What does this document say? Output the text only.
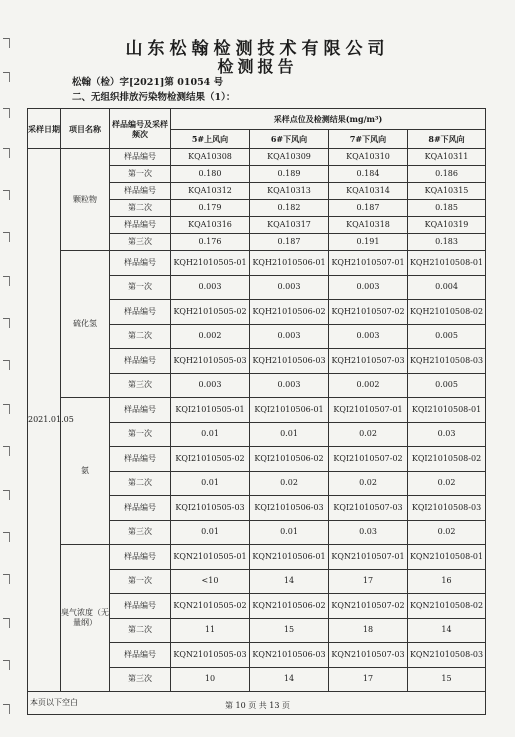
山东松翰检测技术有限公司
检测报告
松翰（检）字[2021]第 01054 号
二、无组织排放污染物检测结果（1）：
采样日期	项目名称	样品编号及采样频次	采样点位及检测结果(mg/m³)			
			5#上风向	6#下风向	7#下风向	8#下风向
2021.01.05	颗粒物	样品编号	KQA10308	KQA10309	KQA10310	KQA10311
		第一次	0.180	0.189	0.184	0.186
		样品编号	KQA10312	KQA10313	KQA10314	KQA10315
		第二次	0.179	0.182	0.187	0.185
		样品编号	KQA10316	KQA10317	KQA10318	KQA10319
		第三次	0.176	0.187	0.191	0.183
	硫化氢	样品编号	KQH21010505-01	KQH21010506-01	KQH21010507-01	KQH21010508-01
		第一次	0.003	0.003	0.003	0.004
		样品编号	KQH21010505-02	KQH21010506-02	KQH21010507-02	KQH21010508-02
		第二次	0.002	0.003	0.003	0.005
		样品编号	KQH21010505-03	KQH21010506-03	KQH21010507-03	KQH21010508-03
		第三次	0.003	0.003	0.002	0.005
	氨	样品编号	KQI21010505-01	KQI21010506-01	KQI21010507-01	KQI21010508-01
		第一次	0.01	0.01	0.02	0.03
		样品编号	KQI21010505-02	KQI21010506-02	KQI21010507-02	KQI21010508-02
		第二次	0.01	0.02	0.02	0.02
		样品编号	KQI21010505-03	KQI21010506-03	KQI21010507-03	KQI21010508-03
		第三次	0.01	0.01	0.03	0.02
	臭气浓度（无量纲）	样品编号	KQN21010505-01	KQN21010506-01	KQN21010507-01	KQN21010508-01
		第一次	<10	14	17	16
		样品编号	KQN21010505-02	KQN21010506-02	KQN21010507-02	KQN21010508-02
		第二次	11	15	18	14
		样品编号	KQN21010505-03	KQN21010506-03	KQN21010507-03	KQN21010508-03
		第三次	10	14	17	15
本页以下空白							第 10 页 共 13 页
